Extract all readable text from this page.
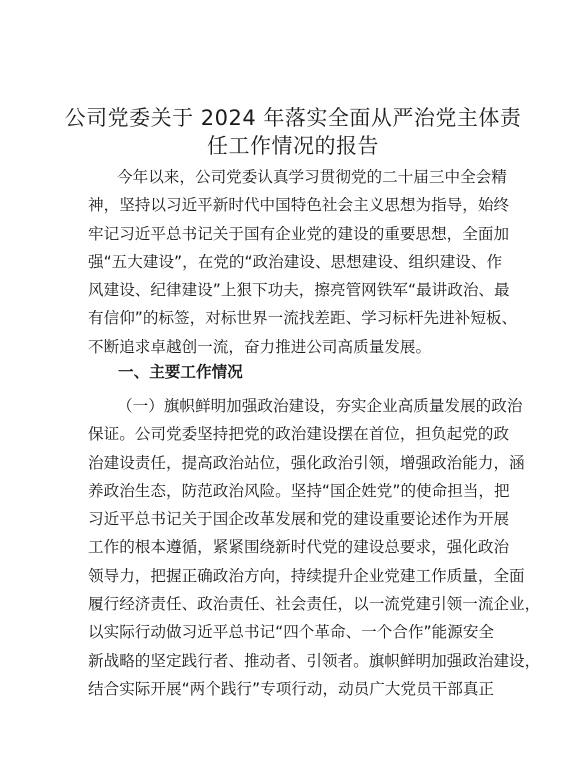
公司党委关于 2024 年落实全面从严治党主体责
任工作情况的报告
今年以来，公司党委认真学习贯彻党的二十届三中全会精
神，坚持以习近平新时代中国特色社会主义思想为指导，始终
牢记习近平总书记关于国有企业党的建设的重要思想，全面加
强“五大建设”，在党的“政治建设、思想建设、组织建设、作
风建设、纪律建设”上狠下功夫，擦亮管网铁军“最讲政治、最
有信仰”的标签，对标世界一流找差距、学习标杆先进补短板、
不断追求卓越创一流，奋力推进公司高质量发展。
一、主要工作情况
（一）旗帜鲜明加强政治建设，夯实企业高质量发展的政治
保证。公司党委坚持把党的政治建设摆在首位，担负起党的政
治建设责任，提高政治站位，强化政治引领，增强政治能力，涵
养政治生态，防范政治风险。坚持“国企姓党”的使命担当，把
习近平总书记关于国企改革发展和党的建设重要论述作为开展
工作的根本遵循，紧紧围绕新时代党的建设总要求，强化政治
领导力，把握正确政治方向，持续提升企业党建工作质量，全面
履行经济责任、政治责任、社会责任，以一流党建引领一流企业，
以实际行动做习近平总书记“四个革命、一个合作”能源安全
新战略的坚定践行者、推动者、引领者。旗帜鲜明加强政治建设，
结合实际开展“两个践行”专项行动，动员广大党员干部真正
